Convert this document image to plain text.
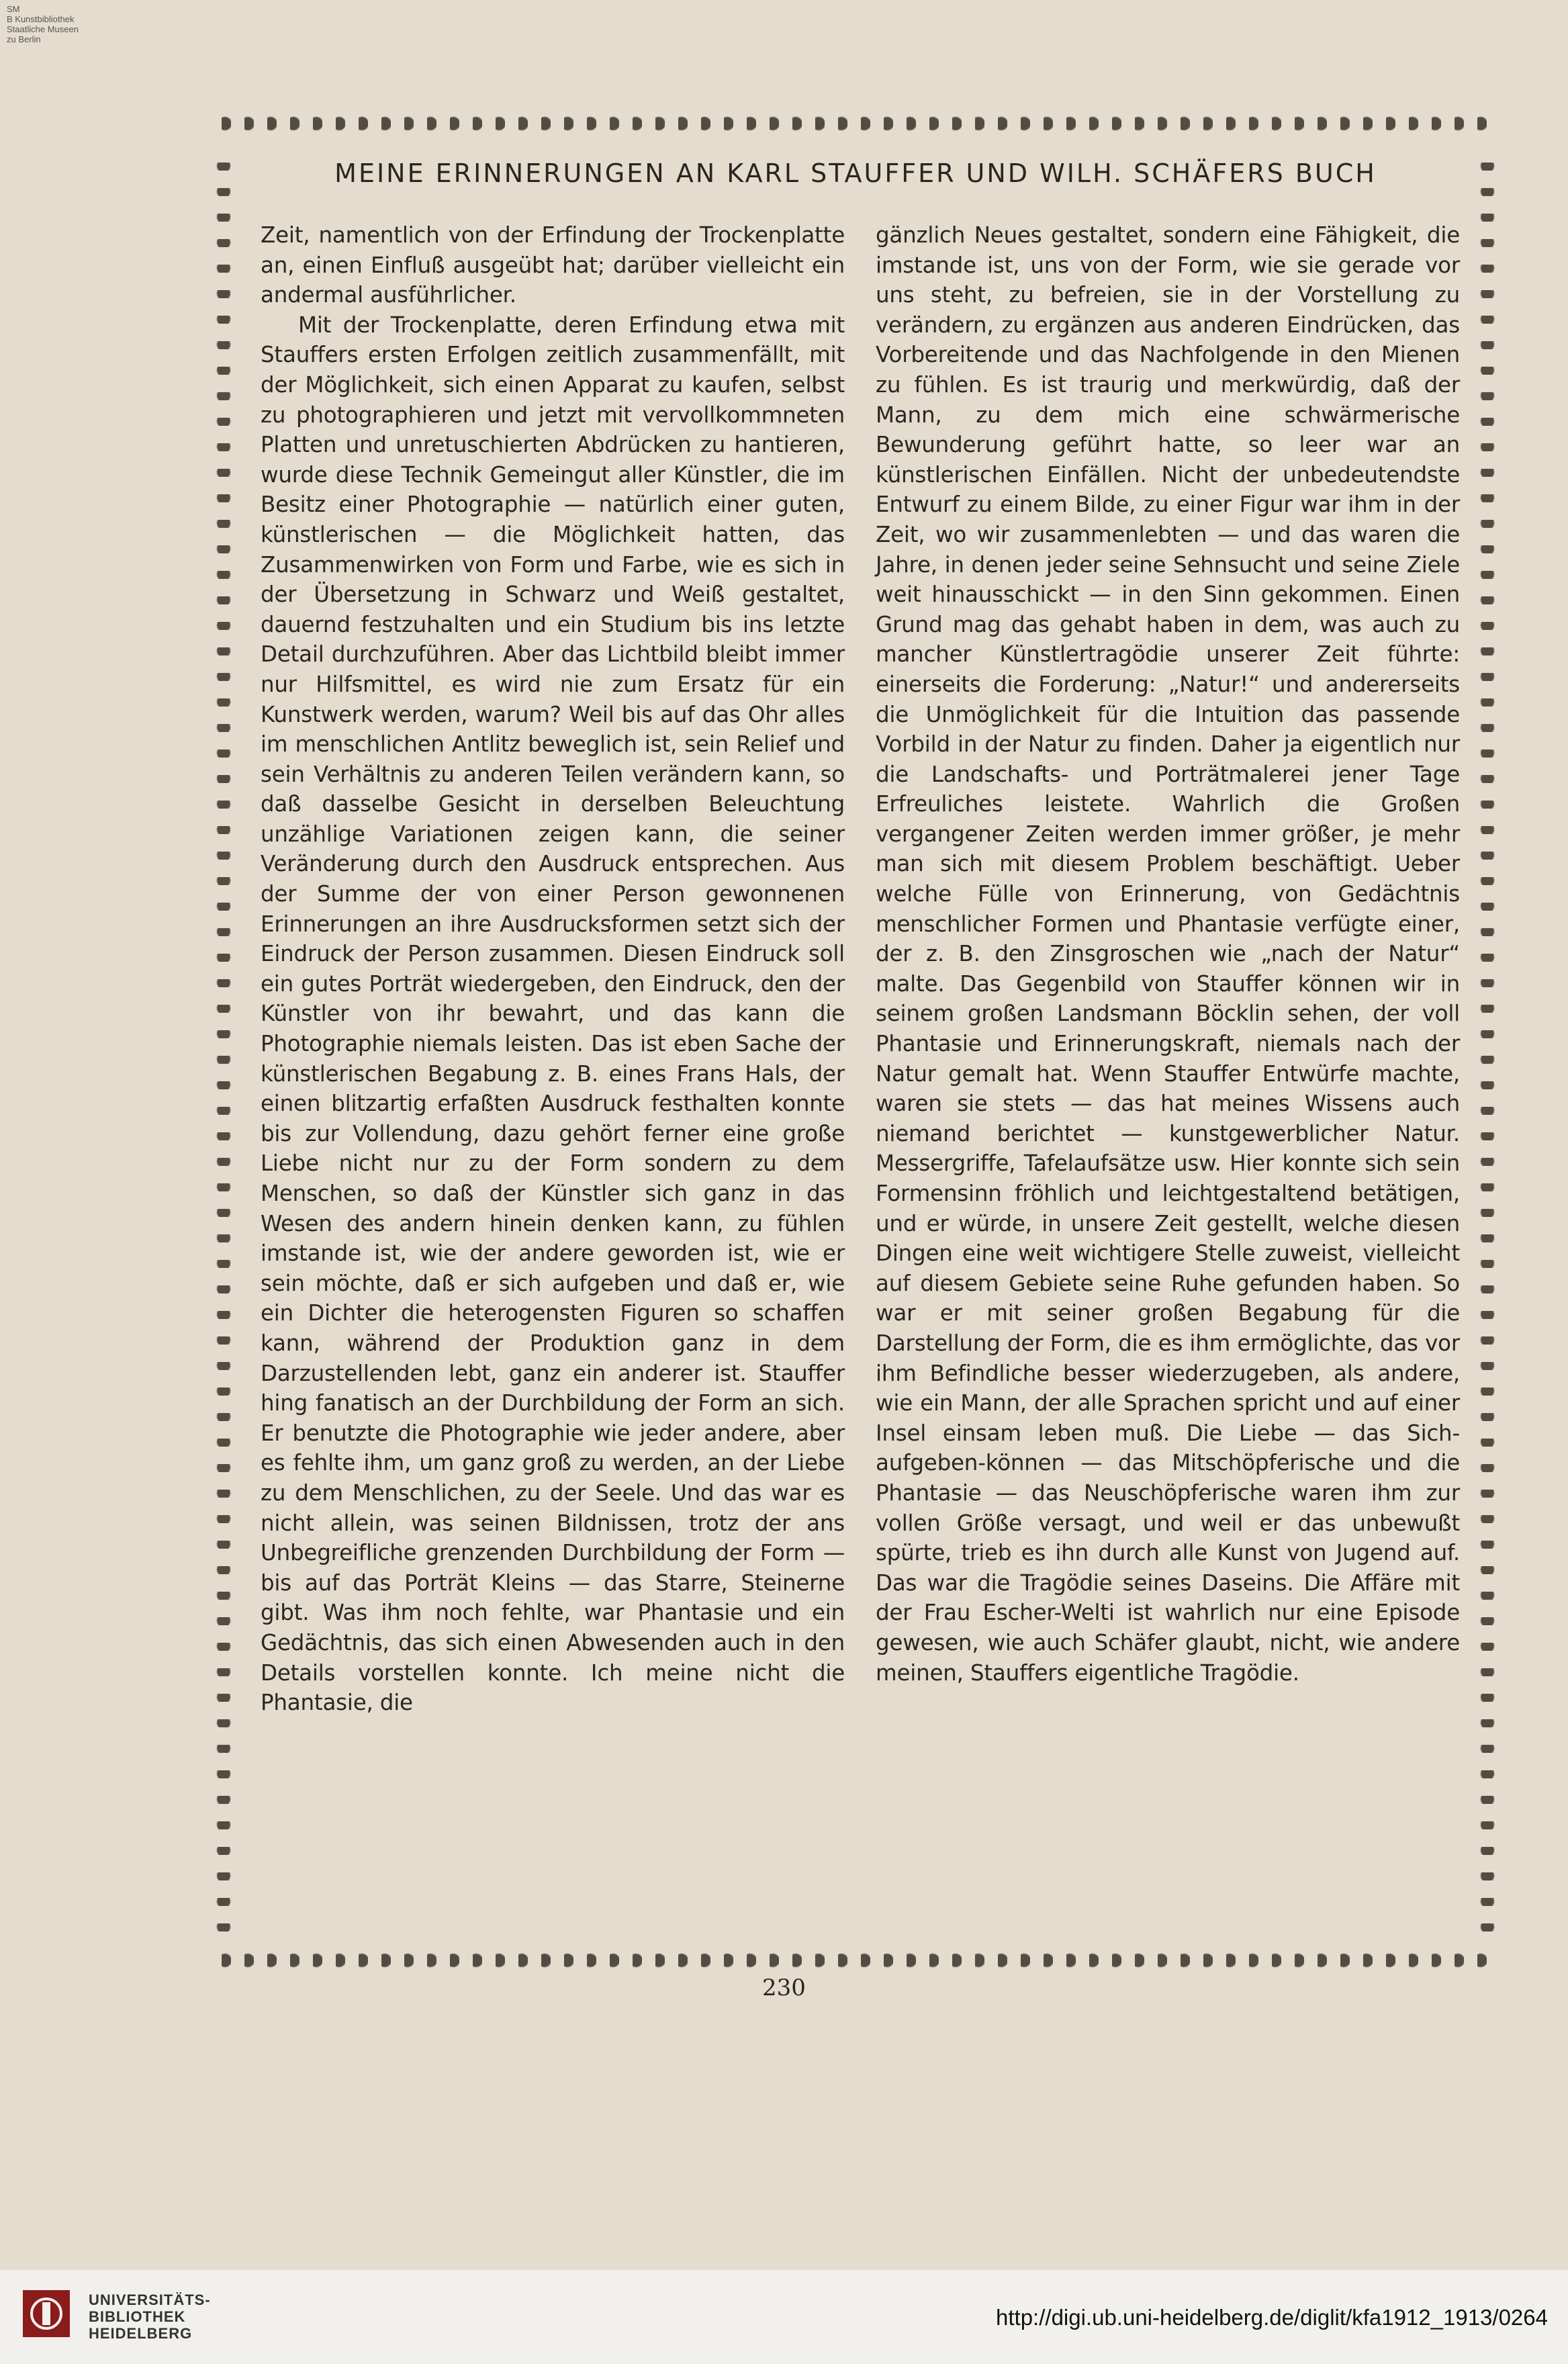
SM
B Kunstbibliothek
Staatliche Museen
zu Berlin
MEINE ERINNERUNGEN AN KARL STAUFFER UND WILH. SCHÄFERS BUCH

Zeit, namentlich von der Erfindung der Trockenplatte an, einen Einfluß ausgeübt hat; darüber vielleicht ein andermal ausführlicher.

Mit der Trockenplatte, deren Erfindung etwa mit Stauffers ersten Erfolgen zeitlich zusammenfällt, mit der Möglichkeit, sich einen Apparat zu kaufen, selbst zu photographieren und jetzt mit vervollkommneten Platten und unretuschierten Abdrücken zu hantieren, wurde diese Technik Gemeingut aller Künstler, die im Besitz einer Photographie — natürlich einer guten, künstlerischen — die Möglichkeit hatten, das Zusammenwirken von Form und Farbe, wie es sich in der Übersetzung in Schwarz und Weiß gestaltet, dauernd festzuhalten und ein Studium bis ins letzte Detail durchzuführen. Aber das Lichtbild bleibt immer nur Hilfsmittel, es wird nie zum Ersatz für ein Kunstwerk werden, warum? Weil bis auf das Ohr alles im menschlichen Antlitz beweglich ist, sein Relief und sein Verhältnis zu anderen Teilen verändern kann, so daß dasselbe Gesicht in derselben Beleuchtung unzählige Variationen zeigen kann, die seiner Veränderung durch den Ausdruck entsprechen. Aus der Summe der von einer Person gewonnenen Erinnerungen an ihre Ausdrucksformen setzt sich der Eindruck der Person zusammen. Diesen Eindruck soll ein gutes Porträt wiedergeben, den Eindruck, den der Künstler von ihr bewahrt, und das kann die Photographie niemals leisten. Das ist eben Sache der künstlerischen Begabung z. B. eines Frans Hals, der einen blitzartig erfaßten Ausdruck festhalten konnte bis zur Vollendung, dazu gehört ferner eine große Liebe nicht nur zu der Form sondern zu dem Menschen, so daß der Künstler sich ganz in das Wesen des andern hinein denken kann, zu fühlen imstande ist, wie der andere geworden ist, wie er sein möchte, daß er sich aufgeben und daß er, wie ein Dichter die heterogensten Figuren so schaffen kann, während der Produktion ganz in dem Darzustellenden lebt, ganz ein anderer ist. Stauffer hing fanatisch an der Durchbildung der Form an sich. Er benutzte die Photographie wie jeder andere, aber es fehlte ihm, um ganz groß zu werden, an der Liebe zu dem Menschlichen, zu der Seele. Und das war es nicht allein, was seinen Bildnissen, trotz der ans Unbegreifliche grenzenden Durchbildung der Form — bis auf das Porträt Kleins — das Starre, Steinerne gibt. Was ihm noch fehlte, war Phantasie und ein Gedächtnis, das sich einen Abwesenden auch in den Details vorstellen konnte. Ich meine nicht die Phantasie, die

gänzlich Neues gestaltet, sondern eine Fähigkeit, die imstande ist, uns von der Form, wie sie gerade vor uns steht, zu befreien, sie in der Vorstellung zu verändern, zu ergänzen aus anderen Eindrücken, das Vorbereitende und das Nachfolgende in den Mienen zu fühlen. Es ist traurig und merkwürdig, daß der Mann, zu dem mich eine schwärmerische Bewunderung geführt hatte, so leer war an künstlerischen Einfällen. Nicht der unbedeutendste Entwurf zu einem Bilde, zu einer Figur war ihm in der Zeit, wo wir zusammenlebten — und das waren die Jahre, in denen jeder seine Sehnsucht und seine Ziele weit hinausschickt — in den Sinn gekommen. Einen Grund mag das gehabt haben in dem, was auch zu mancher Künstlertragödie unserer Zeit führte: einerseits die Forderung: „Natur!“ und andererseits die Unmöglichkeit für die Intuition das passende Vorbild in der Natur zu finden. Daher ja eigentlich nur die Landschafts- und Porträtmalerei jener Tage Erfreuliches leistete. Wahrlich die Großen vergangener Zeiten werden immer größer, je mehr man sich mit diesem Problem beschäftigt. Ueber welche Fülle von Erinnerung, von Gedächtnis menschlicher Formen und Phantasie verfügte einer, der z. B. den Zinsgroschen wie „nach der Natur“ malte. Das Gegenbild von Stauffer können wir in seinem großen Landsmann Böcklin sehen, der voll Phantasie und Erinnerungskraft, niemals nach der Natur gemalt hat. Wenn Stauffer Entwürfe machte, waren sie stets — das hat meines Wissens auch niemand berichtet — kunstgewerblicher Natur. Messergriffe, Tafelaufsätze usw. Hier konnte sich sein Formensinn fröhlich und leichtgestaltend betätigen, und er würde, in unsere Zeit gestellt, welche diesen Dingen eine weit wichtigere Stelle zuweist, vielleicht auf diesem Gebiete seine Ruhe gefunden haben. So war er mit seiner großen Begabung für die Darstellung der Form, die es ihm ermöglichte, das vor ihm Befindliche besser wiederzugeben, als andere, wie ein Mann, der alle Sprachen spricht und auf einer Insel einsam leben muß. Die Liebe — das Sich-aufgeben-können — das Mitschöpferische und die Phantasie — das Neuschöpferische waren ihm zur vollen Größe versagt, und weil er das unbewußt spürte, trieb es ihn durch alle Kunst von Jugend auf. Das war die Tragödie seines Daseins. Die Affäre mit der Frau Escher-Welti ist wahrlich nur eine Episode gewesen, wie auch Schäfer glaubt, nicht, wie andere meinen, Stauffers eigentliche Tragödie.

230
UNIVERSITÄTS-
BIBLIOTHEK
HEIDELBERG
http://digi.ub.uni-heidelberg.de/diglit/kfa1912_1913/0264
